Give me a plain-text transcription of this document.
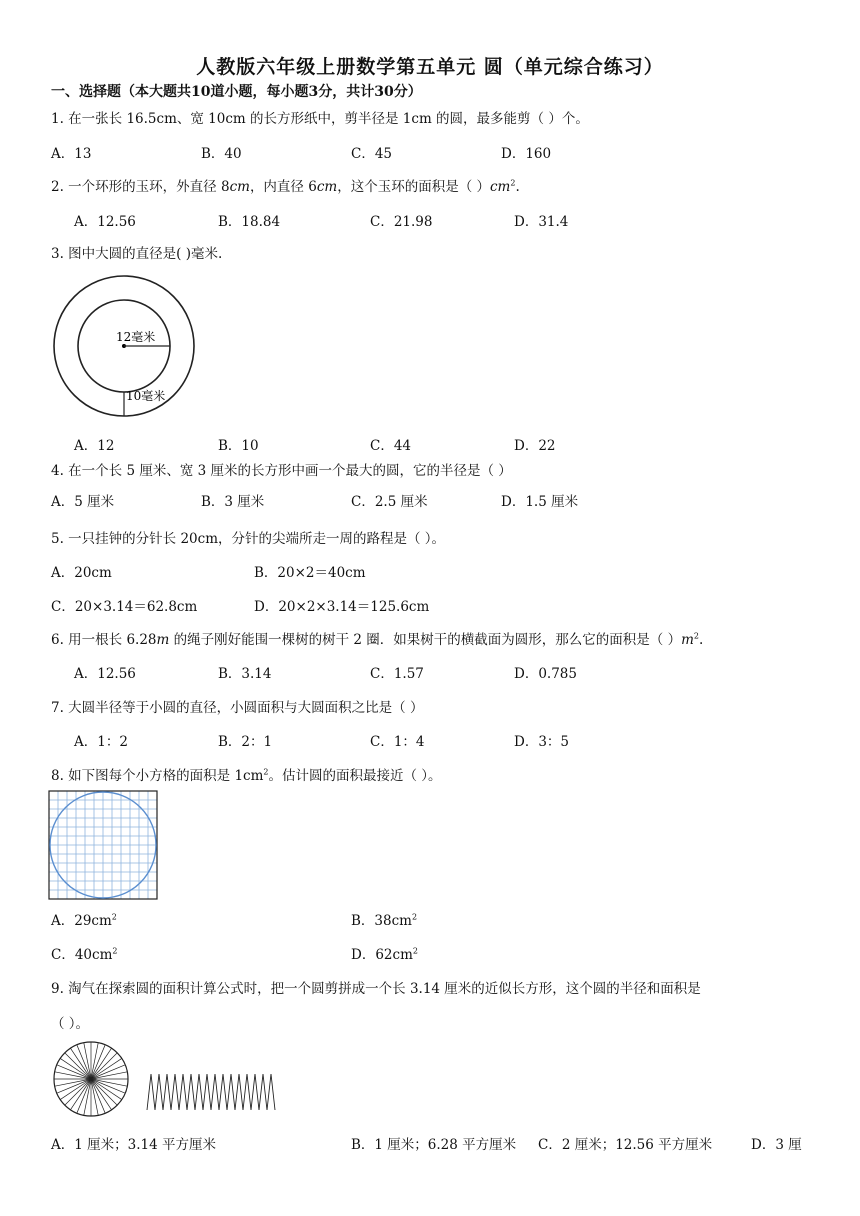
人教版六年级上册数学第五单元 圆（单元综合练习）
一、选择题（本大题共10道小题，每小题3分，共计30分）
1. 在一张长 16.5cm、宽 10cm 的长方形纸中，剪半径是 1cm 的圆，最多能剪（ ）个。
A．13	B．40	C．45	D．160
2. 一个环形的玉环，外直径 8cm，内直径 6cm，这个玉环的面积是（ ）$cm^2$.
A．12.56	B．18.84	C．21.98	D．31.4
3. 图中大圆的直径是( )毫米.
12毫米
10毫米
A．12	B．10	C．44	D．22
4. 在一个长 5 厘米、宽 3 厘米的长方形中画一个最大的圆，它的半径是（ ）
A．5 厘米	B．3 厘米	C．2.5 厘米	D．1.5 厘米
5. 一只挂钟的分针长 20cm，分针的尖端所走一周的路程是（ ）。
A．20cm	B．20×2＝40cm
C．20×3.14＝62.8cm	D．20×2×3.14＝125.6cm
6. 用一根长 6.28m 的绳子刚好能围一棵树的树干 2 圈．如果树干的横截面为圆形，那么它的面积是（ ）$m^2$.
A．12.56	B．3.14	C．1.57	D．0.785
7. 大圆半径等于小圆的直径，小圆面积与大圆面积之比是（ ）
A．1：2	B．2：1	C．1：4	D．3：5
8. 如下图每个小方格的面积是 $1cm^2$。估计圆的面积最接近（ ）。
A．$29cm^2$	B．$38cm^2$
C．$40cm^2$	D．$62cm^2$
9. 淘气在探索圆的面积计算公式时，把一个圆剪拼成一个长 3.14 厘米的近似长方形，这个圆的半径和面积是
（ ）。
A．1 厘米；3.14 平方厘米	B．1 厘米；6.28 平方厘米 C．2 厘米；12.56 平方厘米	D．3 厘
